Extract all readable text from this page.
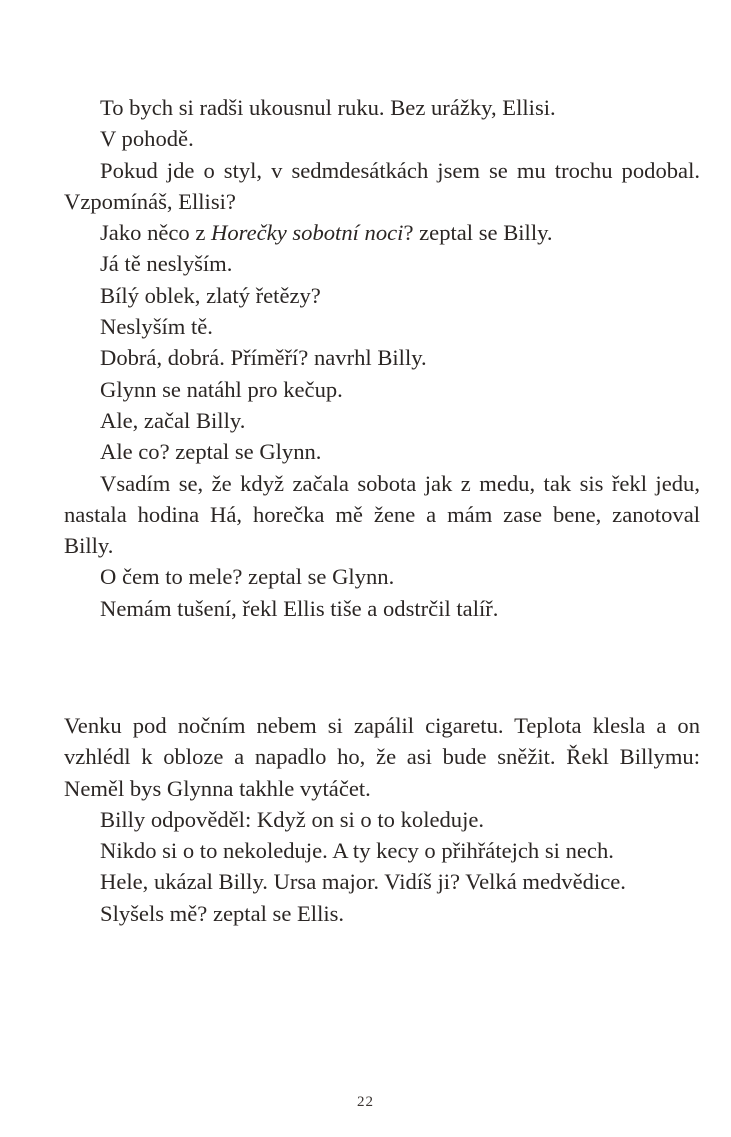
To bych si radši ukousnul ruku. Bez urážky, Ellisi.

V pohodě.

Pokud jde o styl, v sedmdesátkách jsem se mu trochu podobal. Vzpomínáš, Ellisi?

Jako něco z Horečky sobotní noci? zeptal se Billy.

Já tě neslyším.

Bílý oblek, zlatý řetězy?

Neslyším tě.

Dobrá, dobrá. Příměří? navrhl Billy.

Glynn se natáhl pro kečup.

Ale, začal Billy.

Ale co? zeptal se Glynn.

Vsadím se, že když začala sobota jak z medu, tak sis řekl jedu, nastala hodina Há, horečka mě žene a mám zase bene, zanotoval Billy.

O čem to mele? zeptal se Glynn.

Nemám tušení, řekl Ellis tiše a odstrčil talíř.

Venku pod nočním nebem si zapálil cigaretu. Teplota klesla a on vzhlédl k obloze a napadlo ho, že asi bude sněžit. Řekl Billymu: Neměl bys Glynna takhle vytáčet.

Billy odpověděl: Když on si o to koleduje.

Nikdo si o to nekoleduje. A ty kecy o přihřátejch si nech.

Hele, ukázal Billy. Ursa major. Vidíš ji? Velká medvědice.

Slyšels mě? zeptal se Ellis.

22
